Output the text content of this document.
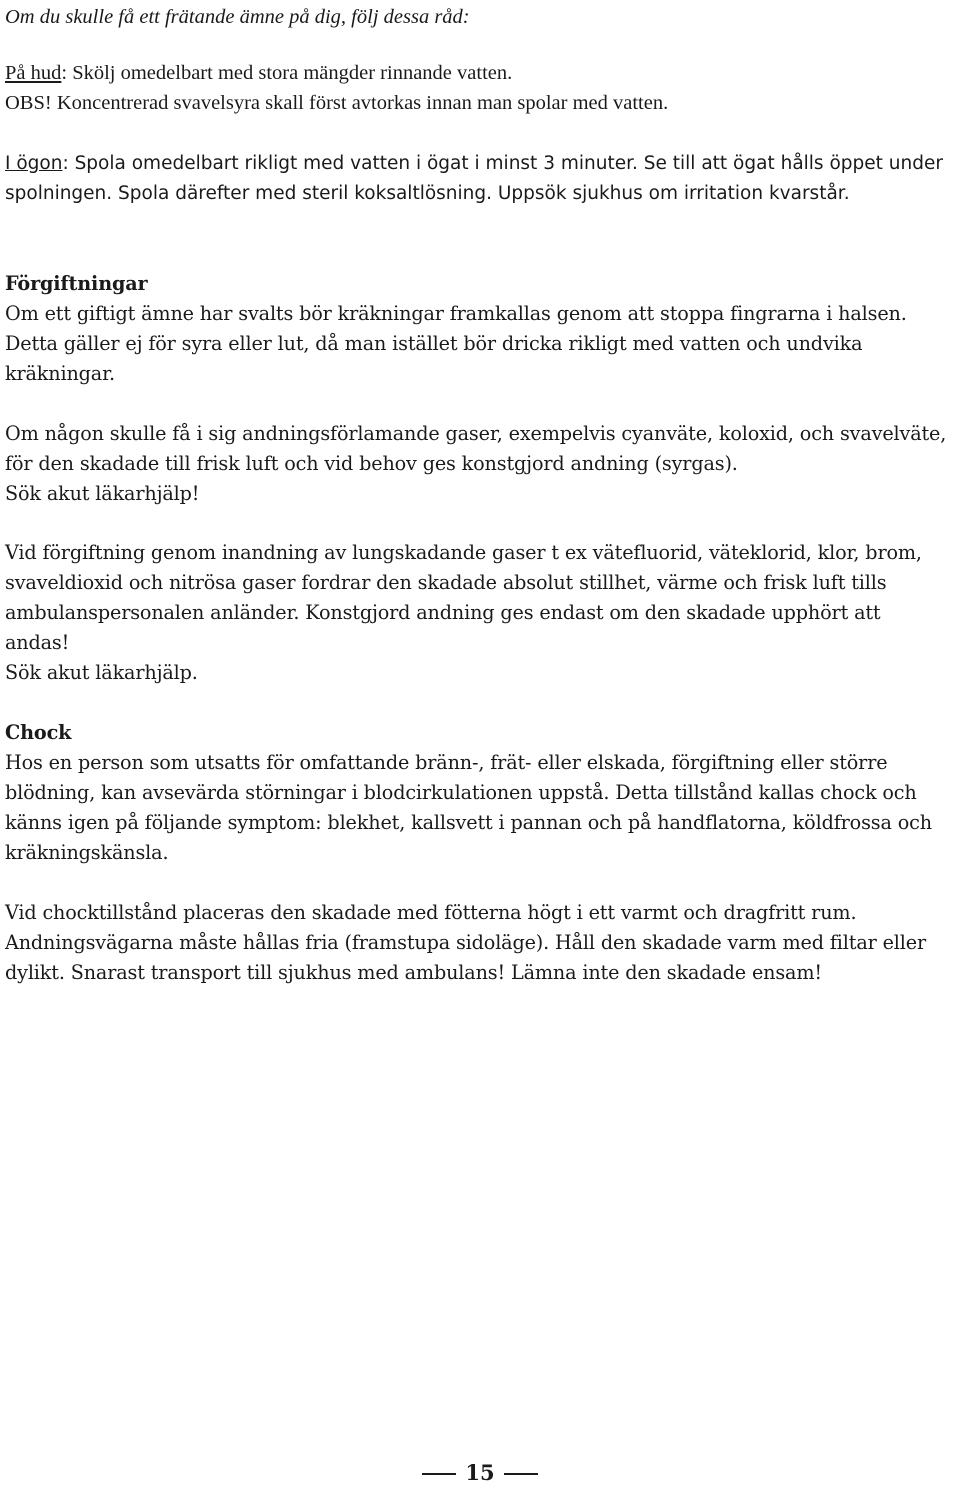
Om du skulle få ett frätande ämne på dig, följ dessa råd:

På hud: Skölj omedelbart med stora mängder rinnande vatten.

OBS! Koncentrerad svavelsyra skall först avtorkas innan man spolar med vatten.

I ögon: Spola omedelbart rikligt med vatten i ögat i minst 3 minuter. Se till att ögat hålls öppet under spolningen. Spola därefter med steril koksaltlösning. Uppsök sjukhus om irritation kvarstår.

Förgiftningar

Om ett giftigt ämne har svalts bör kräkningar framkallas genom att stoppa fingrarna i halsen. Detta gäller ej för syra eller lut, då man istället bör dricka rikligt med vatten och undvika kräkningar.

Om någon skulle få i sig andningsförlamande gaser, exempelvis cyanväte, koloxid, och svavelväte, för den skadade till frisk luft och vid behov ges konstgjord andning (syrgas).

Sök akut läkarhjälp!

Vid förgiftning genom inandning av lungskadande gaser t ex vätefluorid, väteklorid, klor, brom, svaveldioxid och nitrösa gaser fordrar den skadade absolut stillhet, värme och frisk luft tills ambulanspersonalen anländer. Konstgjord andning ges endast om den skadade upphört att andas!

Sök akut läkarhjälp.

Chock

Hos en person som utsatts för omfattande bränn-, frät- eller elskada, förgiftning eller större blödning, kan avsevärda störningar i blodcirkulationen uppstå. Detta tillstånd kallas chock och känns igen på följande symptom: blekhet, kallsvett i pannan och på handflatorna, köldfrossa och kräkningskänsla.

Vid chocktillstånd placeras den skadade med fötterna högt i ett varmt och dragfritt rum. Andningsvägarna måste hållas fria (framstupa sidoläge). Håll den skadade varm med filtar eller dylikt. Snarast transport till sjukhus med ambulans! Lämna inte den skadade ensam!

15
